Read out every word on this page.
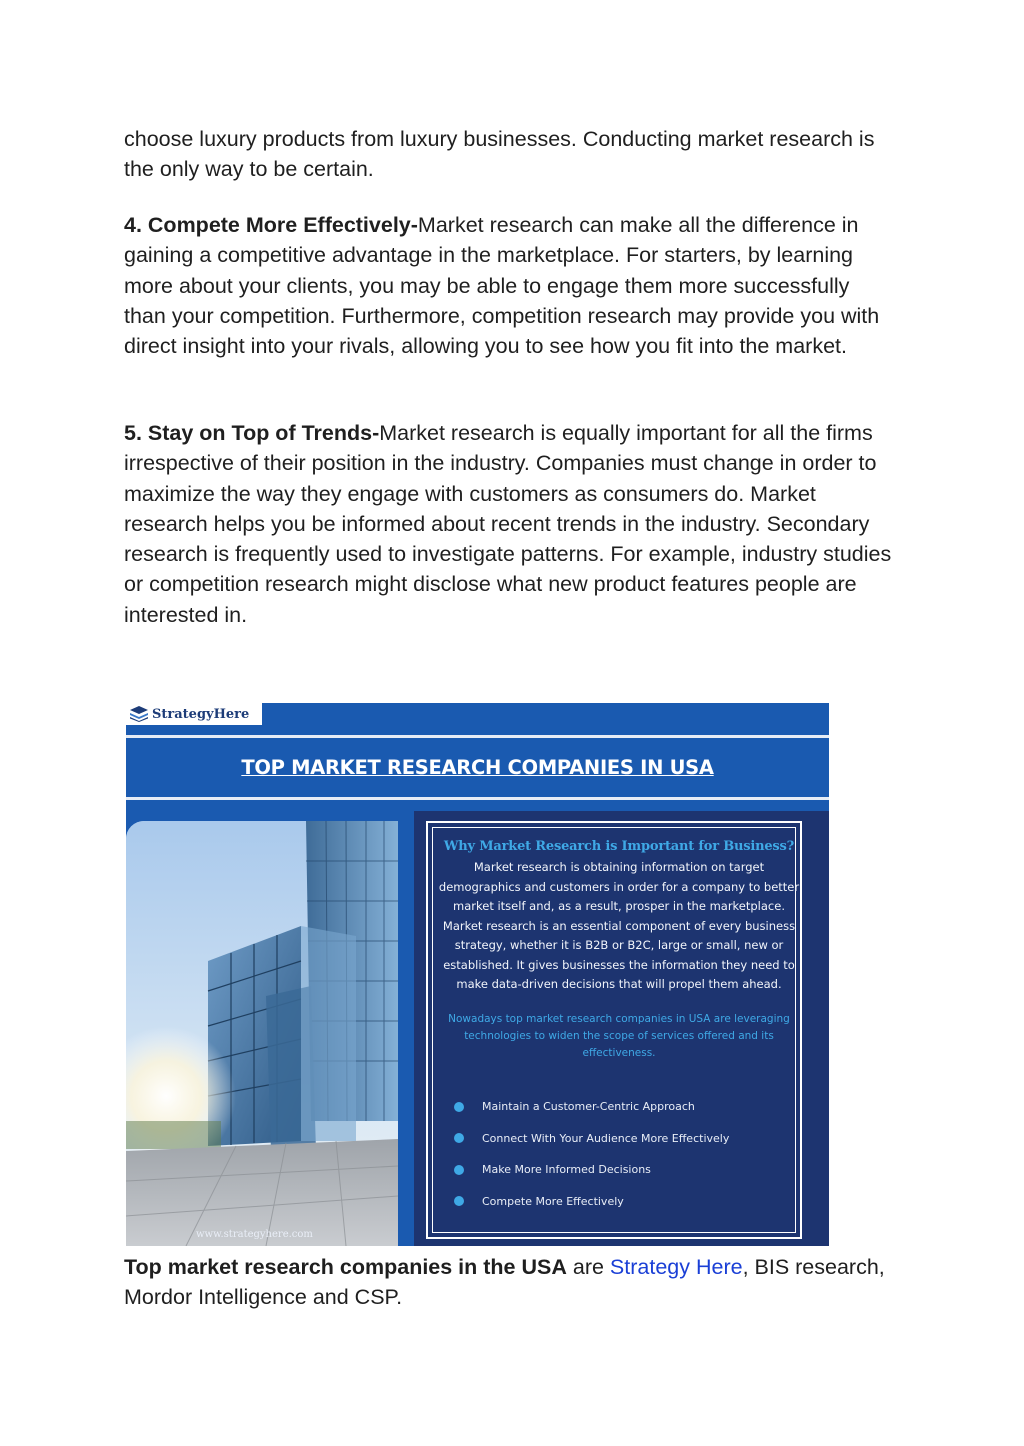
choose luxury products from luxury businesses. Conducting market research is the only way to be certain.

4. Compete More Effectively-Market research can make all the difference in gaining a competitive advantage in the marketplace. For starters, by learning more about your clients, you may be able to engage them more successfully than your competition. Furthermore, competition research may provide you with direct insight into your rivals, allowing you to see how you fit into the market.

5. Stay on Top of Trends-Market research is equally important for all the firms irrespective of their position in the industry. Companies must change in order to maximize the way they engage with customers as consumers do. Market research helps you be informed about recent trends in the industry. Secondary research is frequently used to investigate patterns. For example, industry studies or competition research might disclose what new product features people are interested in.

StrategyHere
TOP MARKET RESEARCH COMPANIES IN USA
www.strategyhere.com

Why Market Research is Important for Business?

Market research is obtaining information on target demographics and customers in order for a company to better market itself and, as a result, prosper in the marketplace. Market research is an essential component of every business strategy, whether it is B2B or B2C, large or small, new or established. It gives businesses the information they need to make data-driven decisions that will propel them ahead.

Nowadays top market research companies in USA are leveraging technologies to widen the scope of services offered and its effectiveness.

Maintain a Customer-Centric Approach
Connect With Your Audience More Effectively
Make More Informed Decisions
Compete More Effectively

Top market research companies in the USA are Strategy Here, BIS research, Mordor Intelligence and CSP.
